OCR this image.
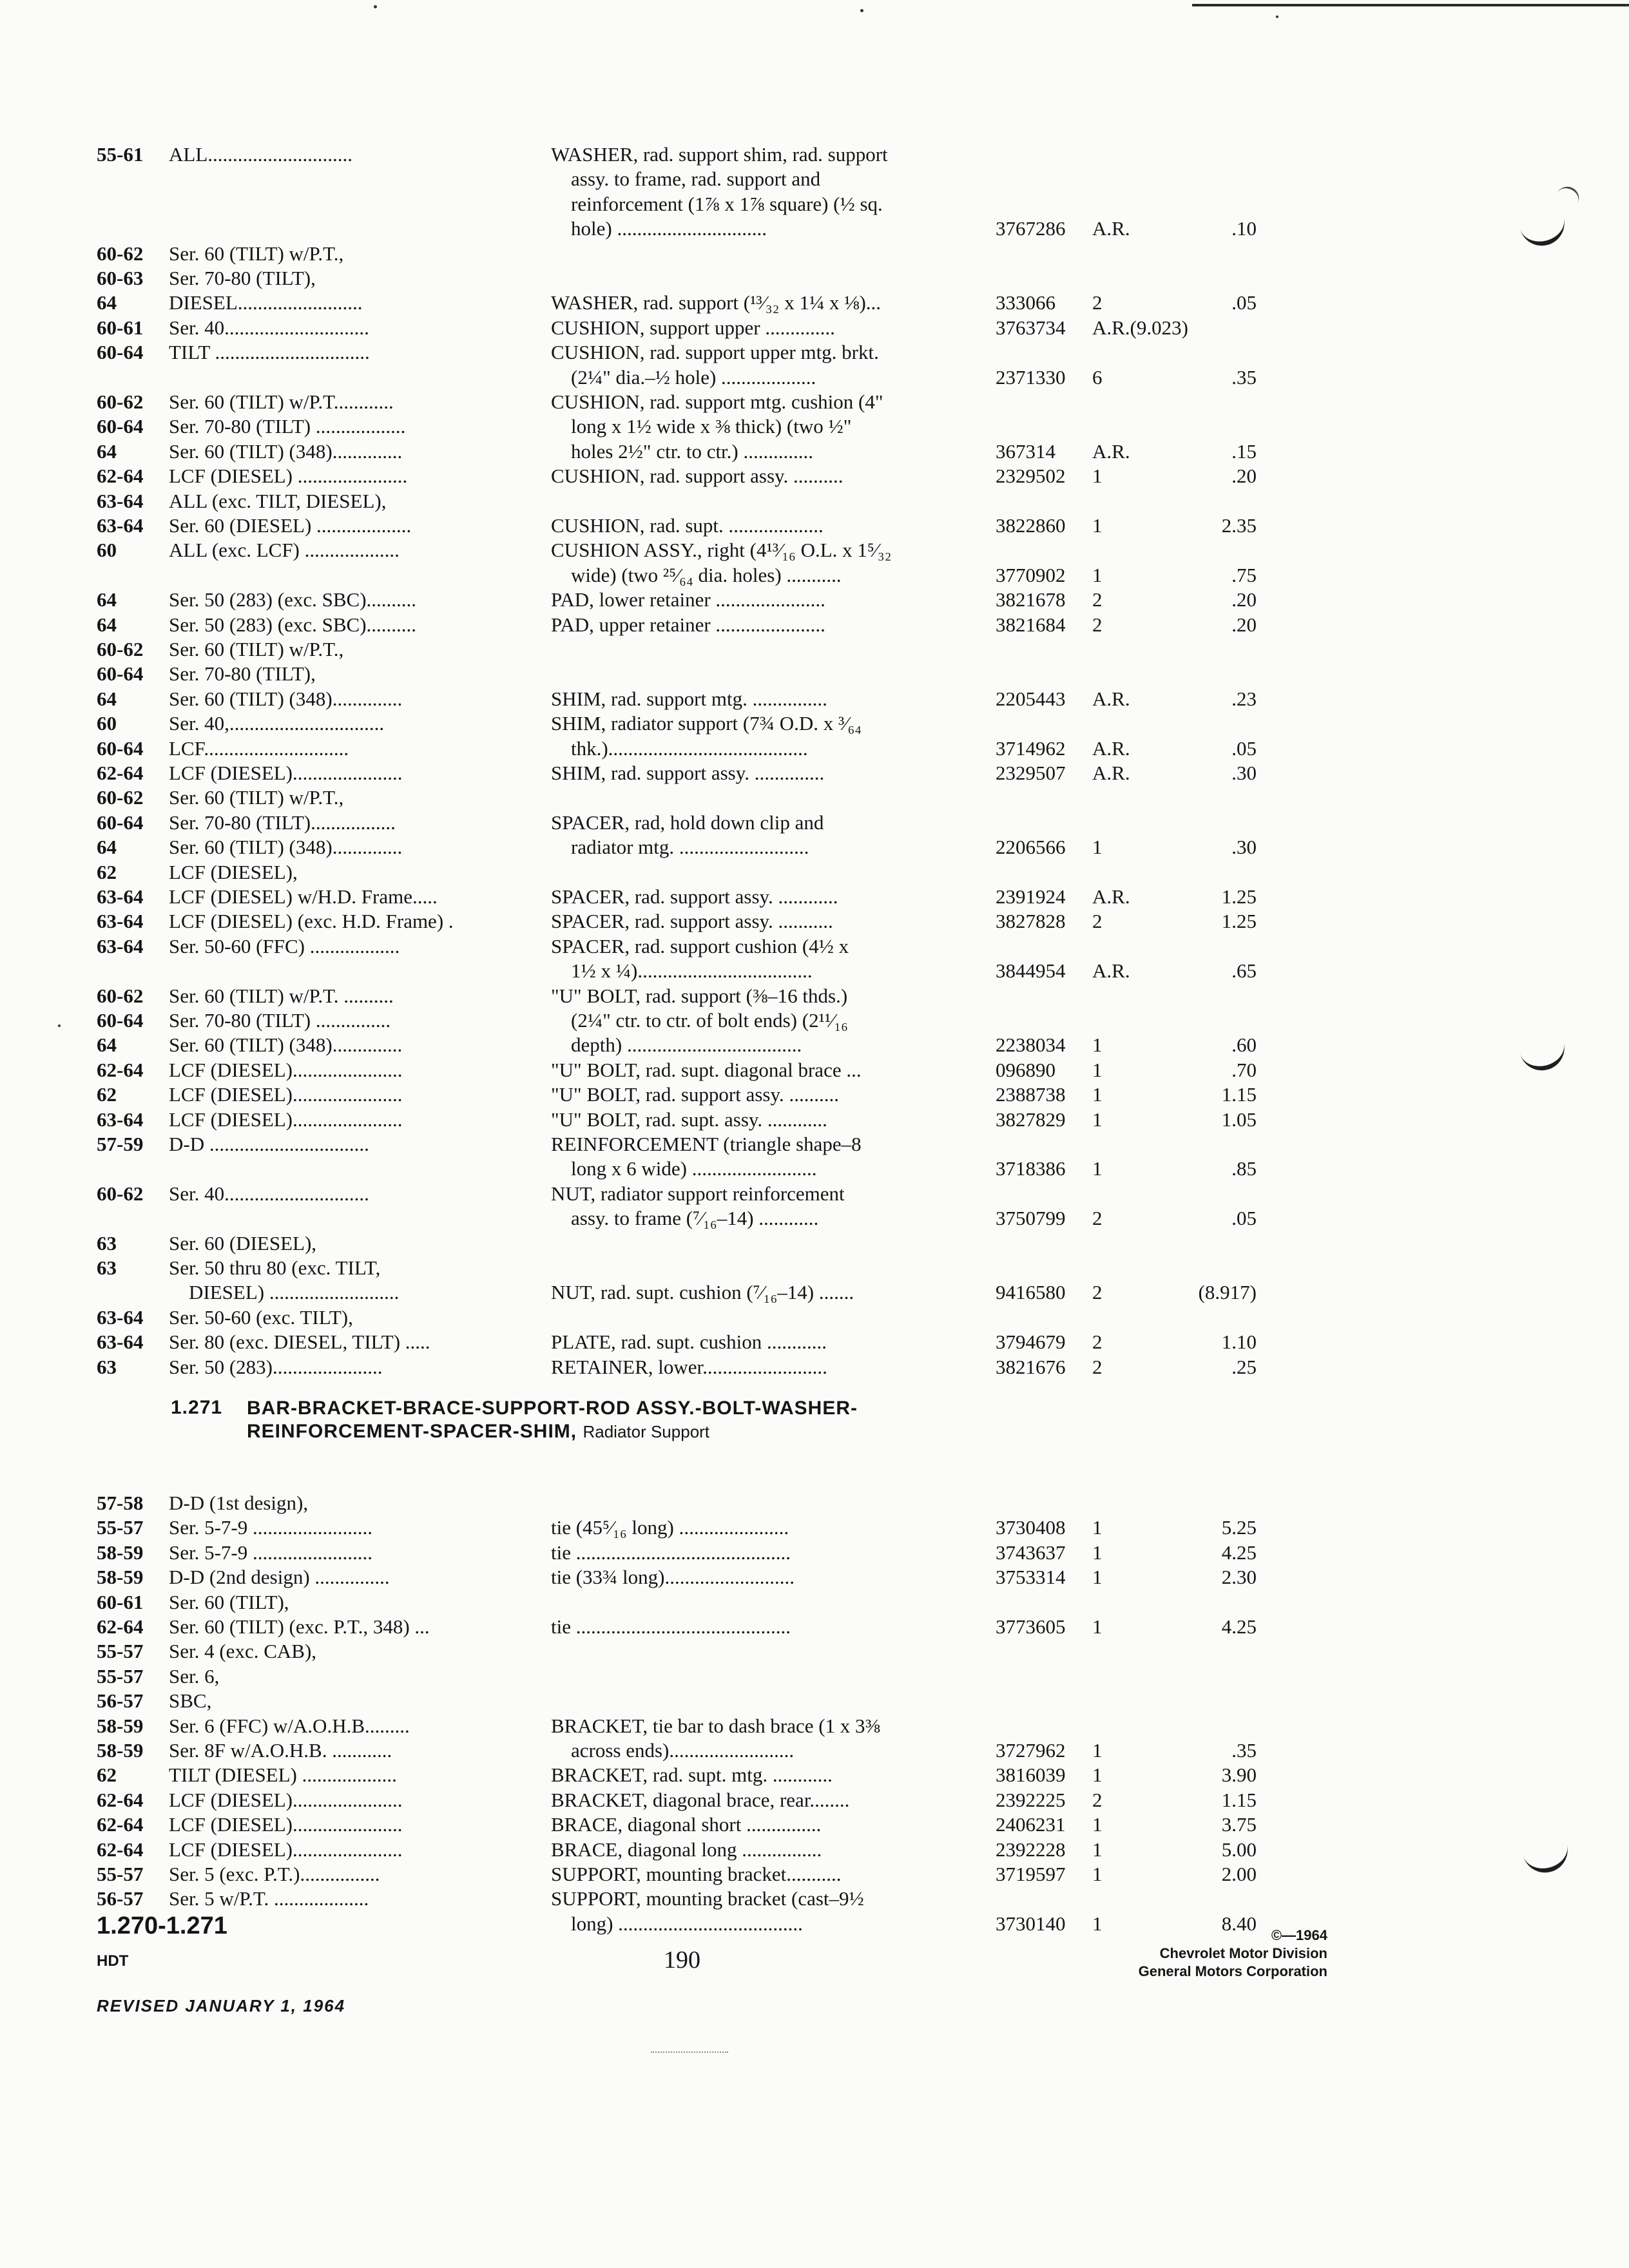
55-61	ALL.............................	WASHER, rad. support shim, rad. support
assy. to frame, rad. support and
reinforcement (1⅞ x 1⅞ square) (½ sq.
hole) ..............................	3767286	A.R.	.10
60-62	Ser. 60 (TILT) w/P.T.,
60-63	Ser. 70-80 (TILT),
64	DIESEL.........................	WASHER, rad. support (¹³⁄₃₂ x 1¼ x ⅛)...	333066	2	.05
60-61	Ser. 40.............................	CUSHION, support upper ..............	3763734	A.R.(9.023)
60-64	TILT ...............................	CUSHION, rad. support upper mtg. brkt.
(2¼" dia.–½ hole) ...................	2371330	6	.35
60-62	Ser. 60 (TILT) w/P.T............	CUSHION, rad. support mtg. cushion (4"
60-64	Ser. 70-80 (TILT) ..................	long x 1½ wide x ⅜ thick) (two ½"
64	Ser. 60 (TILT) (348)..............	holes 2½" ctr. to ctr.) ..............	367314	A.R.	.15
62-64	LCF (DIESEL) ......................	CUSHION, rad. support assy. ..........	2329502	1	.20
63-64	ALL (exc. TILT, DIESEL),
63-64	Ser. 60 (DIESEL) ...................	CUSHION, rad. supt. ...................	3822860	1	2.35
60	ALL (exc. LCF) ...................	CUSHION ASSY., right (4¹³⁄₁₆ O.L. x 1⁵⁄₃₂
wide) (two ²⁵⁄₆₄ dia. holes) ...........	3770902	1	.75
64	Ser. 50 (283) (exc. SBC)..........	PAD, lower retainer ......................	3821678	2	.20
64	Ser. 50 (283) (exc. SBC)..........	PAD, upper retainer ......................	3821684	2	.20
60-62	Ser. 60 (TILT) w/P.T.,
60-64	Ser. 70-80 (TILT),
64	Ser. 60 (TILT) (348)..............	SHIM, rad. support mtg. ...............	2205443	A.R.	.23
60	Ser. 40,...............................	SHIM, radiator support (7¾ O.D. x ³⁄₆₄
60-64	LCF.............................	thk.)........................................	3714962	A.R.	.05
62-64	LCF (DIESEL)......................	SHIM, rad. support assy. ..............	2329507	A.R.	.30
60-62	Ser. 60 (TILT) w/P.T.,
60-64	Ser. 70-80 (TILT).................	SPACER, rad, hold down clip and
64	Ser. 60 (TILT) (348)..............	radiator mtg. ..........................	2206566	1	.30
62	LCF (DIESEL),
63-64	LCF (DIESEL) w/H.D. Frame.....	SPACER, rad. support assy. ............	2391924	A.R.	1.25
63-64	LCF (DIESEL) (exc. H.D. Frame) .	SPACER, rad. support assy. ...........	3827828	2	1.25
63-64	Ser. 50-60 (FFC) ..................	SPACER, rad. support cushion (4½ x
1½ x ¼)...................................	3844954	A.R.	.65
60-62	Ser. 60 (TILT) w/P.T. ..........	"U" BOLT, rad. support (⅜–16 thds.)
60-64	Ser. 70-80 (TILT) ...............	(2¼" ctr. to ctr. of bolt ends) (2¹¹⁄₁₆
64	Ser. 60 (TILT) (348)..............	depth) ...................................	2238034	1	.60
62-64	LCF (DIESEL)......................	"U" BOLT, rad. supt. diagonal brace ...	096890	1	.70
62	LCF (DIESEL)......................	"U" BOLT, rad. support assy. ..........	2388738	1	1.15
63-64	LCF (DIESEL)......................	"U" BOLT, rad. supt. assy. ............	3827829	1	1.05
57-59	D-D ................................	REINFORCEMENT (triangle shape–8
long x 6 wide) .........................	3718386	1	.85
60-62	Ser. 40.............................	NUT, radiator support reinforcement
assy. to frame (⁷⁄₁₆–14) ............	3750799	2	.05
63	Ser. 60 (DIESEL),
63	Ser. 50 thru 80 (exc. TILT,
DIESEL) ..........................	NUT, rad. supt. cushion (⁷⁄₁₆–14) .......	9416580	2	(8.917)
63-64	Ser. 50-60 (exc. TILT),
63-64	Ser. 80 (exc. DIESEL, TILT) .....	PLATE, rad. supt. cushion ............	3794679	2	1.10
63	Ser. 50 (283)......................	RETAINER, lower.........................	3821676	2	.25
1.271 BAR-BRACKET-BRACE-SUPPORT-ROD ASSY.-BOLT-WASHER-
REINFORCEMENT-SPACER-SHIM, Radiator Support
57-58	D-D (1st design),
55-57	Ser. 5-7-9 ........................	tie (45⁵⁄₁₆ long) ......................	3730408	1	5.25
58-59	Ser. 5-7-9 ........................	tie ...........................................	3743637	1	4.25
58-59	D-D (2nd design) ...............	tie (33¾ long)..........................	3753314	1	2.30
60-61	Ser. 60 (TILT),
62-64	Ser. 60 (TILT) (exc. P.T., 348) ...	tie ...........................................	3773605	1	4.25
55-57	Ser. 4 (exc. CAB),
55-57	Ser. 6,
56-57	SBC,
58-59	Ser. 6 (FFC) w/A.O.H.B.........	BRACKET, tie bar to dash brace (1 x 3⅜
58-59	Ser. 8F w/A.O.H.B. ............	across ends).........................	3727962	1	.35
62	TILT (DIESEL) ...................	BRACKET, rad. supt. mtg. ............	3816039	1	3.90
62-64	LCF (DIESEL)......................	BRACKET, diagonal brace, rear........	2392225	2	1.15
62-64	LCF (DIESEL)......................	BRACE, diagonal short ...............	2406231	1	3.75
62-64	LCF (DIESEL)......................	BRACE, diagonal long ................	2392228	1	5.00
55-57	Ser. 5 (exc. P.T.)................	SUPPORT, mounting bracket...........	3719597	1	2.00
56-57	Ser. 5 w/P.T. ...................	SUPPORT, mounting bracket (cast–9½
long) .....................................	3730140	1	8.40
1.270-1.271
HDT
REVISED JANUARY 1, 1964
190
©—1964
Chevrolet Motor Division
General Motors Corporation
